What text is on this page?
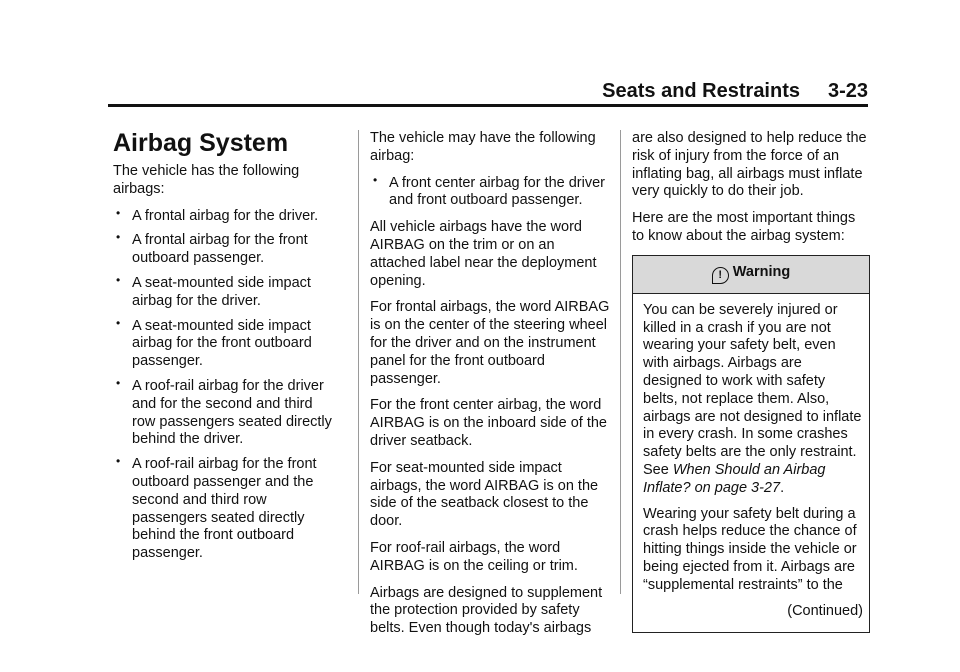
Seats and Restraints 3-23
Airbag System

The vehicle has the following airbags:

• A frontal airbag for the driver.
• A frontal airbag for the front outboard passenger.
• A seat-mounted side impact airbag for the driver.
• A seat-mounted side impact airbag for the front outboard passenger.
• A roof-rail airbag for the driver and for the second and third row passengers seated directly behind the driver.
• A roof-rail airbag for the front outboard passenger and the second and third row passengers seated directly behind the front outboard passenger.

The vehicle may have the following airbag:

• A front center airbag for the driver and front outboard passenger.

All vehicle airbags have the word AIRBAG on the trim or on an attached label near the deployment opening.

For frontal airbags, the word AIRBAG is on the center of the steering wheel for the driver and on the instrument panel for the front outboard passenger.

For the front center airbag, the word AIRBAG is on the inboard side of the driver seatback.

For seat-mounted side impact airbags, the word AIRBAG is on the side of the seatback closest to the door.

For roof-rail airbags, the word AIRBAG is on the ceiling or trim.

Airbags are designed to supplement the protection provided by safety belts. Even though today's airbags

are also designed to help reduce the risk of injury from the force of an inflating bag, all airbags must inflate very quickly to do their job.

Here are the most important things to know about the airbag system:

! Warning

You can be severely injured or killed in a crash if you are not wearing your safety belt, even with airbags. Airbags are designed to work with safety belts, not replace them. Also, airbags are not designed to inflate in every crash. In some crashes safety belts are the only restraint. See When Should an Airbag Inflate? on page 3-27.

Wearing your safety belt during a crash helps reduce the chance of hitting things inside the vehicle or being ejected from it. Airbags are “supplemental restraints” to the

(Continued)
